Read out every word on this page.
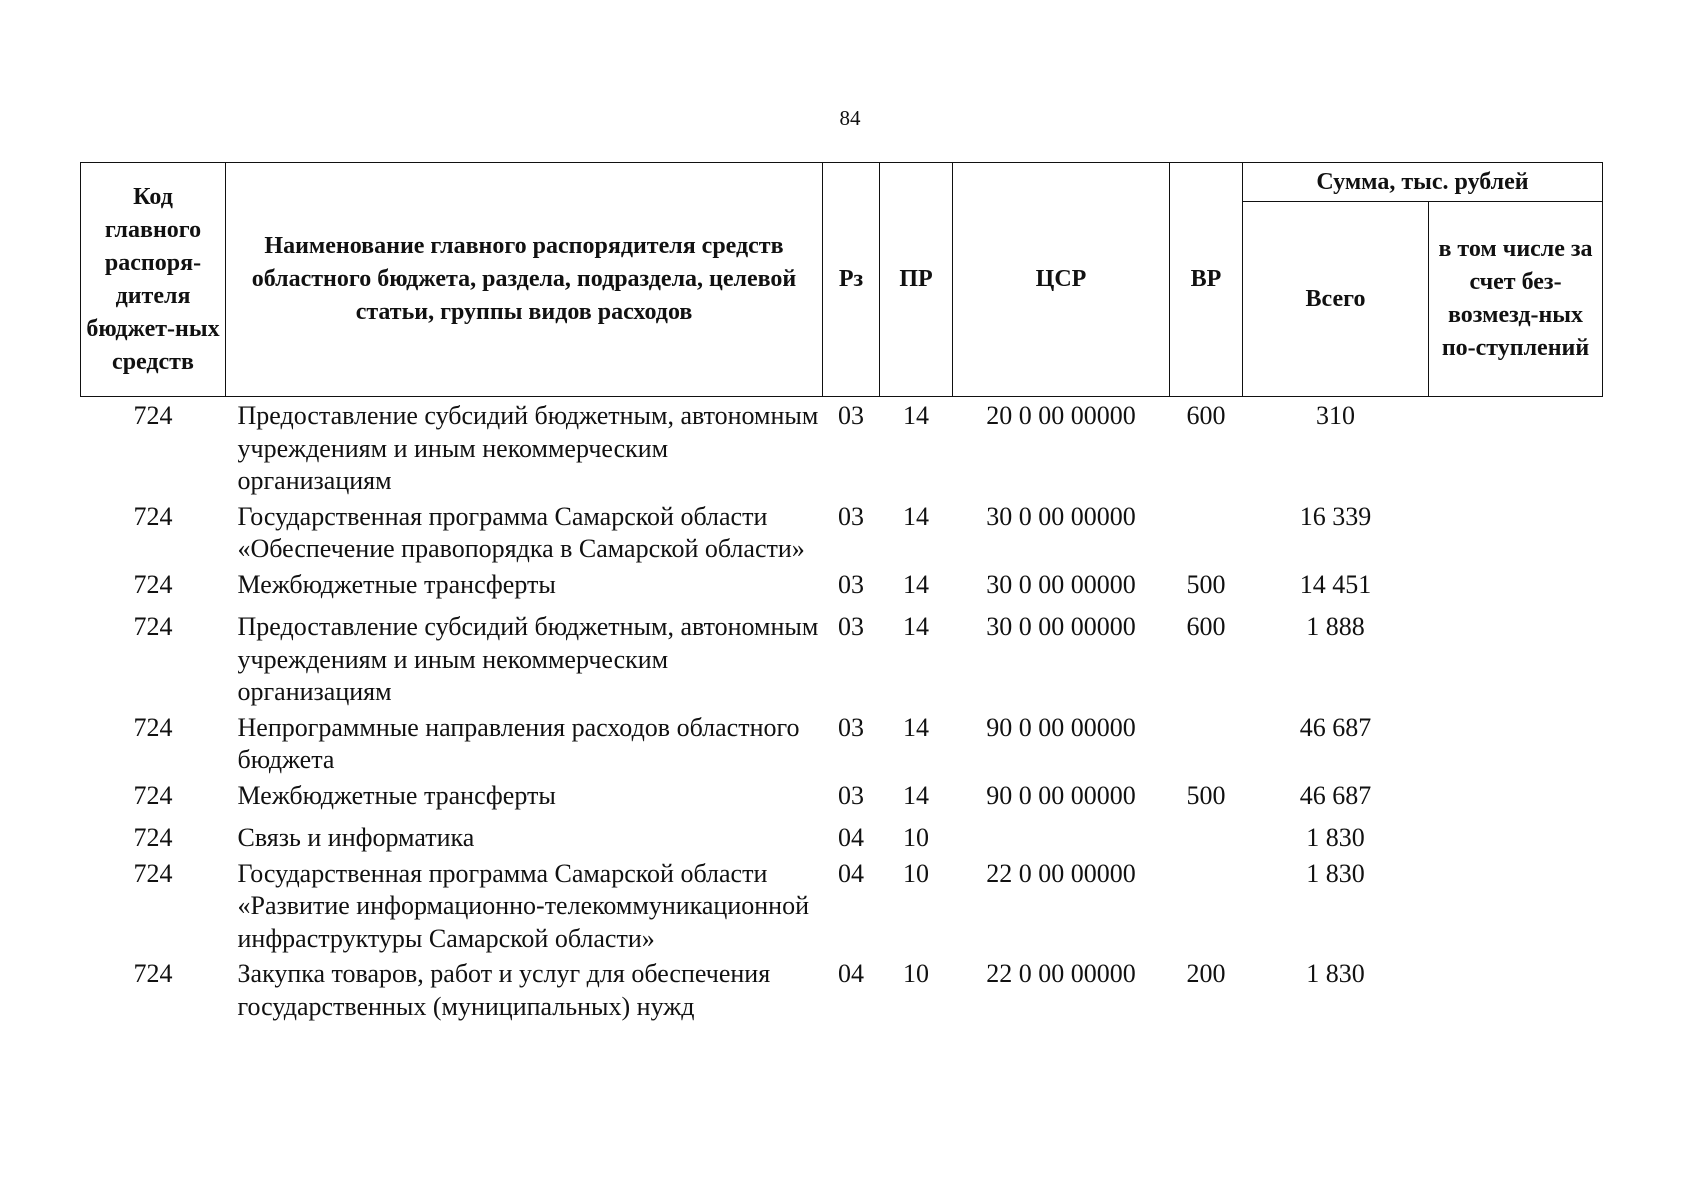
84
Код главного распоря-дителя бюджет-ных средств	Наименование главного распорядителя средств областного бюджета, раздела, подраздела, целевой статьи, группы видов расходов	Рз	ПР	ЦСР	ВР	Сумма, тыс. рублей	
						Всего	в том числе за счет без-возмезд-ных по-ступлений
724	Предоставление субсидий бюджетным, автономным учреждениям и иным некоммерческим организациям	03	14	20 0 00 00000	600	310	
724	Государственная программа Самарской области «Обеспечение правопорядка в Самарской области»	03	14	30 0 00 00000		16 339	
724	Межбюджетные трансферты	03	14	30 0 00 00000	500	14 451	
724	Предоставление субсидий бюджетным, автономным учреждениям и иным некоммерческим организациям	03	14	30 0 00 00000	600	1 888	
724	Непрограммные направления расходов областного бюджета	03	14	90 0 00 00000		46 687	
724	Межбюджетные трансферты	03	14	90 0 00 00000	500	46 687	
724	Связь и информатика	04	10			1 830	
724	Государственная программа Самарской области «Развитие информационно-телекоммуникационной инфраструктуры Самарской области»	04	10	22 0 00 00000		1 830	
724	Закупка товаров, работ и услуг для обеспечения государственных (муниципальных) нужд	04	10	22 0 00 00000	200	1 830	
